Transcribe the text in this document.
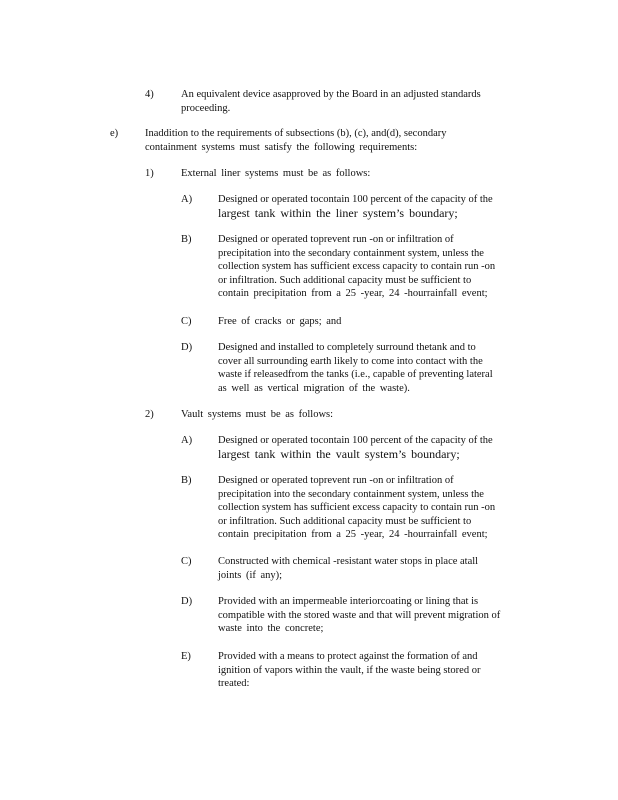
4)	An equivalent device asapproved by the Board in an adjusted standards
proceeding.
e)	Inaddition to the requirements of subsections (b), (c), and(d), secondary
containment systems must satisfy the following requirements:
1)	External liner systems must be as follows:
A) Designed or operated tocontain 100 percent of the capacity of the
largest tank within the liner system’s boundary;
B)	Designed or operated toprevent run -on or infiltration of
precipitation into the secondary containment system, unless the
collection system has sufficient excess capacity to contain run -on
or infiltration. Such additional capacity must be sufficient to
contain precipitation from a 25 -year, 24 -hourrainfall event;
C)	Free of cracks or gaps; and
D) Designed and installed to completely surround thetank and to
cover all surrounding earth likely to come into contact with the
waste if releasedfrom the tanks (i.e., capable of preventing lateral
as well as vertical migration of the waste).
2)	Vault systems must be as follows:
A) Designed or operated tocontain 100 percent of the capacity of the
largest tank within the vault system’s boundary;
B)	Designed or operated toprevent run -on or infiltration of
precipitation into the secondary containment system, unless the
collection system has sufficient excess capacity to contain run -on
or infiltration. Such additional capacity must be sufficient to
contain precipitation from a 25 -year, 24 -hourrainfall event;
C)	Constructed with chemical -resistant water stops in place atall
joints (if any);
D) Provided with an impermeable interiorcoating or lining that is
compatible with the stored waste and that will prevent migration of
waste into the concrete;
E)	Provided with a means to protect against the formation of and
ignition of vapors within the vault, if the waste being stored or
treated:
